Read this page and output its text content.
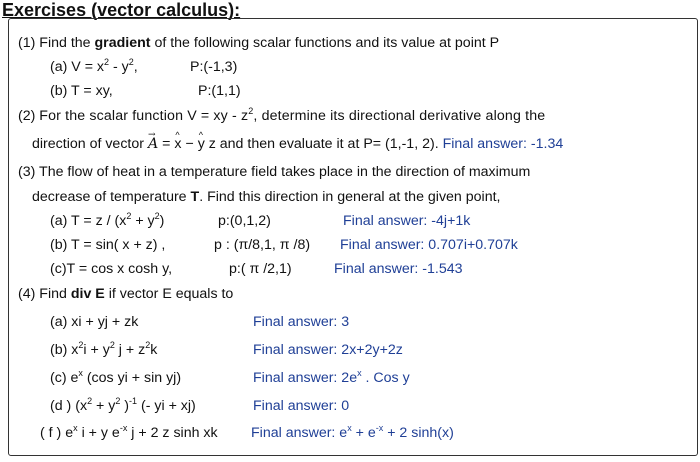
Exercises (vector calculus):
(1) Find the gradient of the following scalar functions and its value at point P
(a) $V = x^2 - y^2$,	P:(-1,3)
(b) T = xy,	P:(1,1)
(2) For the scalar function V = xy - $z^2$, determine its directional derivative along the
direction of vector → A = ^ x − ^ y z and then evaluate it at P= (1,-1, 2). Final answer: -1.34
(3) The flow of heat in a temperature field takes place in the direction of maximum
decrease of temperature T. Find this direction in general at the given point,
(a) $T = z / (x^2 + y^2)$	p:(0,1,2)	Final answer: -4j+1k
(b) T = sin( x + z) ,	p : (π/8,1, π /8) Final answer: 0.707i+0.707k
(c)T = cos x cosh y,	p:( π /2,1)	Final answer: -1.543
(4) Find div E if vector E equals to
(a) xi + yj + zk	Final answer: 3
(b) $x^2i + y^2$ $j + z^2k$	Final answer: 2x+2y+2z
(c) $e^x$ (cos yi + sin yj)	Final answer: $2e^x$ . Cos y
(d ) ($x^2 + y^2$ )$^{-1}$ (- yi + xj)	Final answer: 0
( f ) $e^x$ i + y $e^{-x}$ j + 2 z sinh xk Final answer: $e^x + e^{-x} + 2$ sinh(x)
